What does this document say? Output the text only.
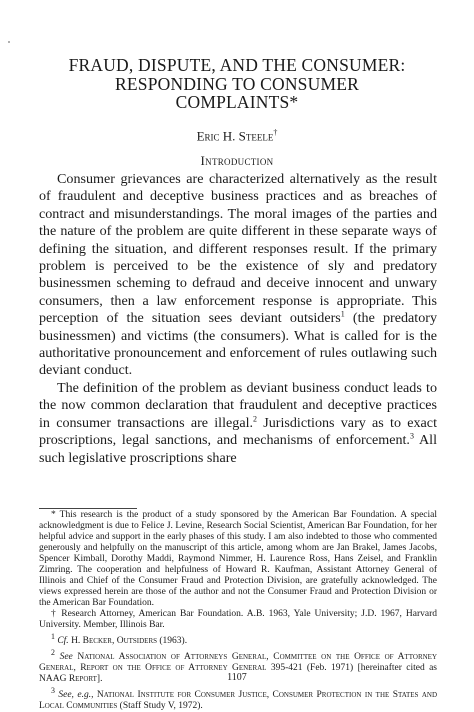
FRAUD, DISPUTE, AND THE CONSUMER:
RESPONDING TO CONSUMER
COMPLAINTS*
Eric H. Steele†
Introduction

Consumer grievances are characterized alternatively as the result of fraudulent and deceptive business practices and as breaches of contract and misunderstandings. The moral images of the parties and the nature of the problem are quite different in these separate ways of defining the situation, and different responses result. If the primary problem is perceived to be the existence of sly and predatory businessmen scheming to defraud and deceive innocent and unwary consumers, then a law enforcement response is appropriate. This perception of the situation sees deviant outsiders$^1$ (the predatory businessmen) and victims (the consumers). What is called for is the authoritative pronouncement and enforcement of rules outlawing such deviant conduct.

The definition of the problem as deviant business conduct leads to the now common declaration that fraudulent and deceptive practices in consumer transactions are illegal.$^2$ Jurisdictions vary as to exact proscriptions, legal sanctions, and mechanisms of enforcement.$^3$ All such legislative proscriptions share

* This research is the product of a study sponsored by the American Bar Foundation. A special acknowledgment is due to Felice J. Levine, Research Social Scientist, American Bar Foundation, for her helpful advice and support in the early phases of this study. I am also indebted to those who commented generously and helpfully on the manuscript of this article, among whom are Jan Brakel, James Jacobs, Spencer Kimball, Dorothy Maddi, Raymond Nimmer, H. Laurence Ross, Hans Zeisel, and Franklin Zimring. The cooperation and helpfulness of Howard R. Kaufman, Assistant Attorney General of Illinois and Chief of the Consumer Fraud and Protection Division, are gratefully acknowledged. The views expressed herein are those of the author and not the Consumer Fraud and Protection Division or the American Bar Foundation.

† Research Attorney, American Bar Foundation. A.B. 1963, Yale University; J.D. 1967, Harvard University. Member, Illinois Bar.

$^1$ Cf. H. Becker, Outsiders (1963).

$^2$ See National Association of Attorneys General, Committee on the Office of Attorney General, Report on the Office of Attorney General 395-421 (Feb. 1971) [hereinafter cited as NAAG Report].

$^3$ See, e.g., National Institute for Consumer Justice, Consumer Protection in the States and Local Communities (Staff Study V, 1972).

1107
